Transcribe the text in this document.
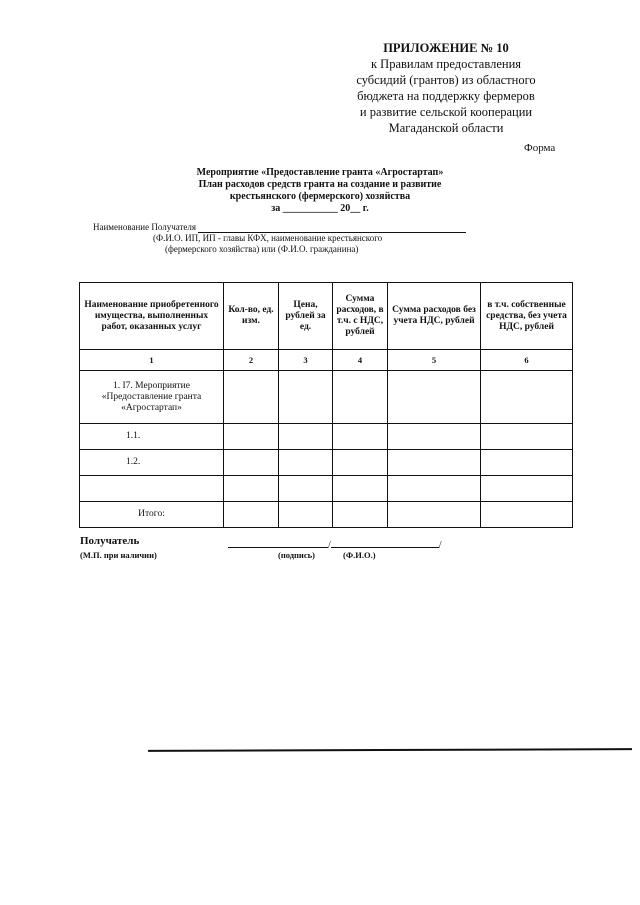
ПРИЛОЖЕНИЕ № 10
к Правилам предоставления
субсидий (грантов) из областного
бюджета на поддержку фермеров
и развитие сельской кооперации
Магаданской области
Форма
Мероприятие «Предоставление гранта «Агростартап»
План расходов средств гранта на создание и развитие
крестьянского (фермерского) хозяйства
за ___________ 20__ г.
Наименование Получателя
(Ф.И.О. ИП, ИП - главы КФХ, наименование крестьянского
(фермерского хозяйства) или (Ф.И.О. гражданина)
Наименование приобретенного имущества, выполненных работ, оказанных услуг	Кол-во, ед. изм.	Цена, рублей за ед.	Сумма расходов, в т.ч. с НДС, рублей	Сумма расходов без учета НДС, рублей	в т.ч. собственные средства, без учета НДС, рублей
1	2	3	4	5	6
1. I7. Мероприятие «Предоставление гранта «Агростартап»					
1.1.					
1.2.					

Итого:					
Получатель	/	/
(М.П. при наличии)	(подпись)	(Ф.И.О.)
